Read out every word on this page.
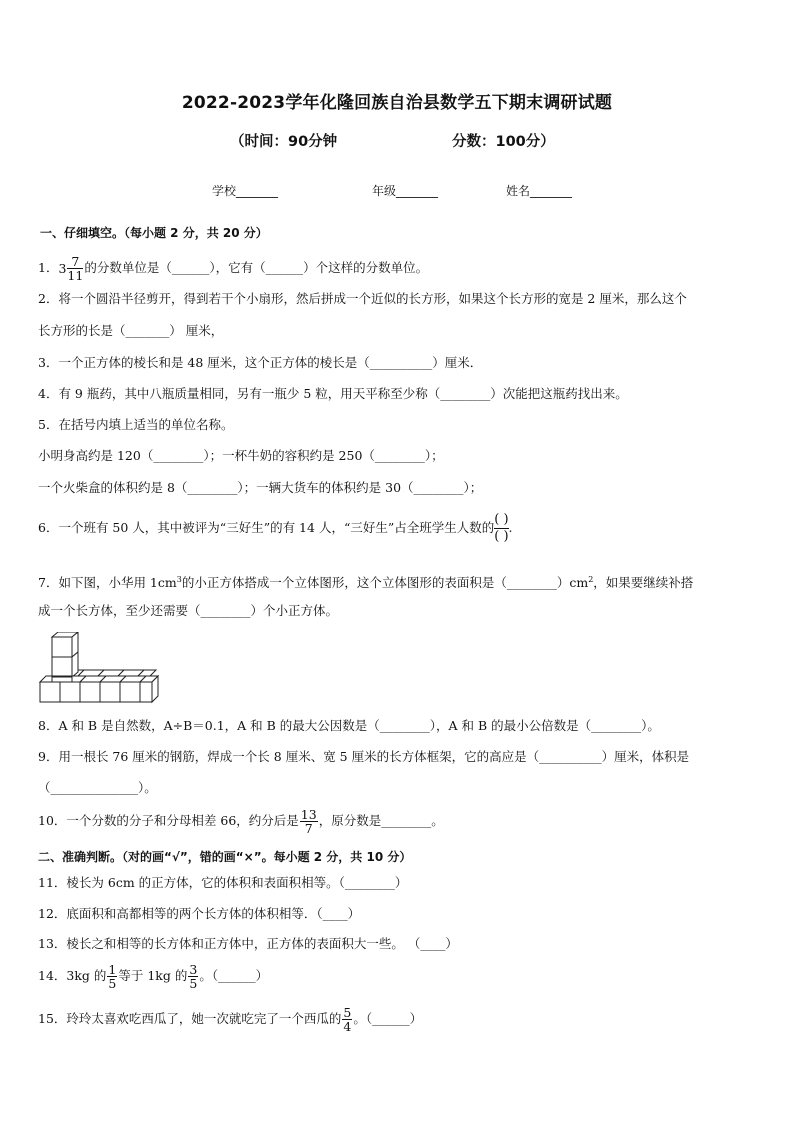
2022-2023学年化隆回族自治县数学五下期末调研试题
（时间：90分钟	分数：100分）
学校_______	年级_______	姓名_______
一、仔细填空。（每小题 2 分，共 20 分）
1． $3 \frac{7}{11}$ 的分数单位是（______），它有（______）个这样的分数单位。
2．将一个圆沿半径剪开，得到若干个小扇形，然后拼成一个近似的长方形，如果这个长方形的宽是 2 厘米，那么这个
长方形的长是（_______） 厘米，
3．一个正方体的棱长和是 48 厘米，这个正方体的棱长是（__________）厘米．
4．有 9 瓶药，其中八瓶质量相同，另有一瓶少 5 粒，用天平称至少称（________）次能把这瓶药找出来。
5．在括号内填上适当的单位名称。
小明身高约是 120（________）；一杯牛奶的容积约是 250（________）；
一个火柴盒的体积约是 8（________）；一辆大货车的体积约是 30（________）；
6．一个班有 50 人，其中被评为“三好生”的有 14 人，“三好生”占全班学生人数的 $\frac{( )}{( )}$ .
7．如下图，小华用 $1cm^3$的小正方体搭成一个立体图形，这个立体图形的表面积是$(\_\_\_\_\_\_\_\_)cm^2$，如果要继续补搭
成一个长方体，至少还需要（________）个小正方体。
8．A 和 B 是自然数，A÷B＝0.1，A 和 B 的最大公因数是（________），A 和 B 的最小公倍数是（________）。
9．用一根长 76 厘米的钢筋，焊成一个长 8 厘米、宽 5 厘米的长方体框架，它的高应是（__________）厘米，体积是
（______________）。
10．一个分数的分子和分母相差 66，约分后是 $\frac{13}{7}$ ，原分数是________。
二、准确判断。（对的画“√”，错的画“×”。每小题 2 分，共 10 分）
11．棱长为 6cm 的正方体，它的体积和表面积相等。（________）
12．底面积和高都相等的两个长方体的体积相等．（____）
13．棱长之和相等的长方体和正方体中，正方体的表面积大一些。 （____）
14．3kg 的 $\frac{1}{5}$ 等于 1kg 的 $\frac{3}{5}$ 。（______）
15．玲玲太喜欢吃西瓜了，她一次就吃完了一个西瓜的 $\frac{5}{4}$ 。（______）
